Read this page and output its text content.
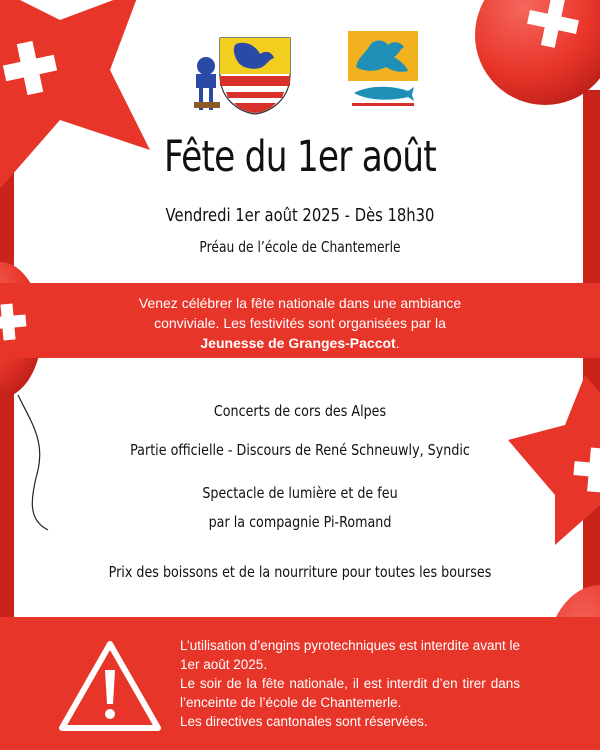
Fête du 1er août
Vendredi 1er août 2025 - Dès 18h30
Préau de l’école de Chantemerle
Venez célébrer la fête nationale dans une ambiance
conviviale. Les festivités sont organisées par la
Jeunesse de Granges-Paccot.
Concerts de cors des Alpes
Partie officielle - Discours de René Schneuwly, Syndic
Spectacle de lumière et de feu
par la compagnie Pi-Romand
Prix des boissons et de la nourriture pour toutes les bourses
L’utilisation d’engins pyrotechniques est interdite avant le 1er août 2025.
Le soir de la fête nationale, il est interdit d’en tirer dans l’enceinte de l’école de Chantemerle.
Les directives cantonales sont réservées.
